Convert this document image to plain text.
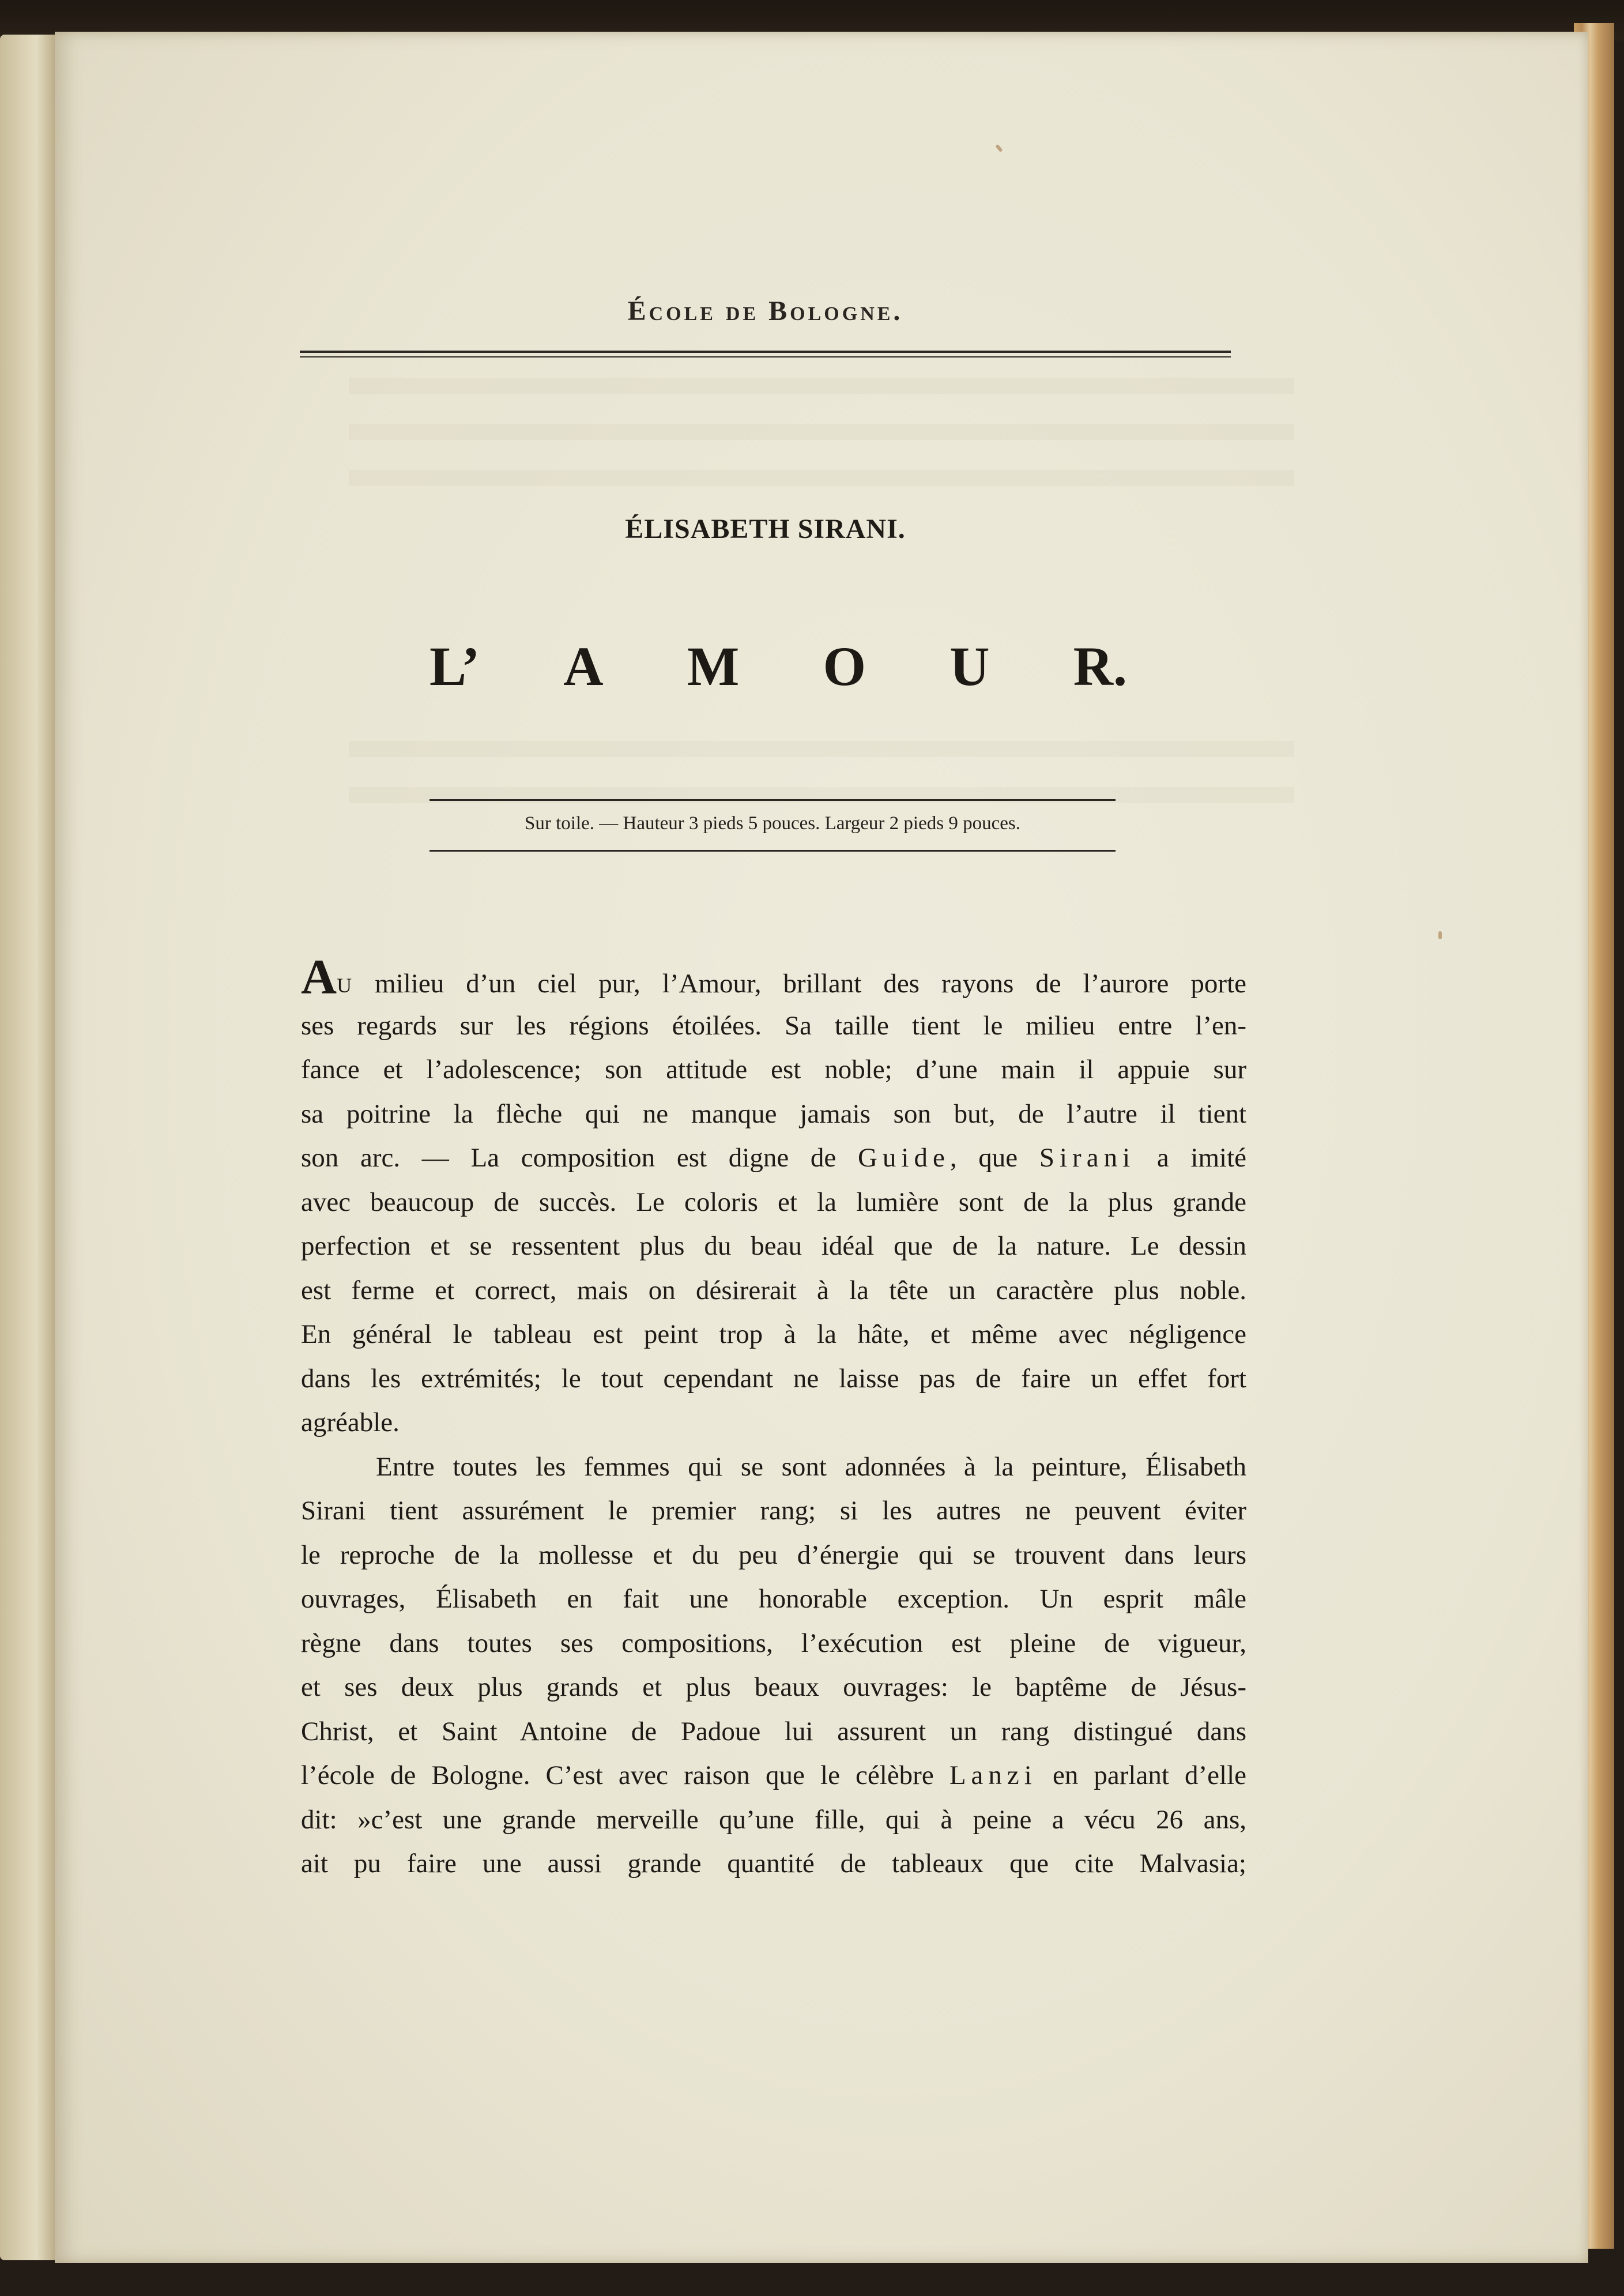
École de Bologne.
ÉLISABETH SIRANI.
L’ A M O U R.
Sur toile. — Hauteur 3 pieds 5 pouces. Largeur 2 pieds 9 pouces.
AU milieu d’un ciel pur, l’Amour, brillant des rayons de l’aurore porte
ses regards sur les régions étoilées. Sa taille tient le milieu entre l’en-
fance et l’adolescence; son attitude est noble; d’une main il appuie sur
sa poitrine la flèche qui ne manque jamais son but, de l’autre il tient
son arc. — La composition est digne de Guide, que Sirani a imité
avec beaucoup de succès. Le coloris et la lumière sont de la plus grande
perfection et se ressentent plus du beau idéal que de la nature. Le dessin
est ferme et correct, mais on désirerait à la tête un caractère plus noble.
En général le tableau est peint trop à la hâte, et même avec négligence
dans les extrémités; le tout cependant ne laisse pas de faire un effet fort
agréable.
Entre toutes les femmes qui se sont adonnées à la peinture, Élisabeth
Sirani tient assurément le premier rang; si les autres ne peuvent éviter
le reproche de la mollesse et du peu d’énergie qui se trouvent dans leurs
ouvrages, Élisabeth en fait une honorable exception. Un esprit mâle
règne dans toutes ses compositions, l’exécution est pleine de vigueur,
et ses deux plus grands et plus beaux ouvrages: le baptême de Jésus-
Christ, et Saint Antoine de Padoue lui assurent un rang distingué dans
l’école de Bologne. C’est avec raison que le célèbre Lanzi en parlant d’elle
dit: »c’est une grande merveille qu’une fille, qui à peine a vécu 26 ans,
ait pu faire une aussi grande quantité de tableaux que cite Malvasia;
